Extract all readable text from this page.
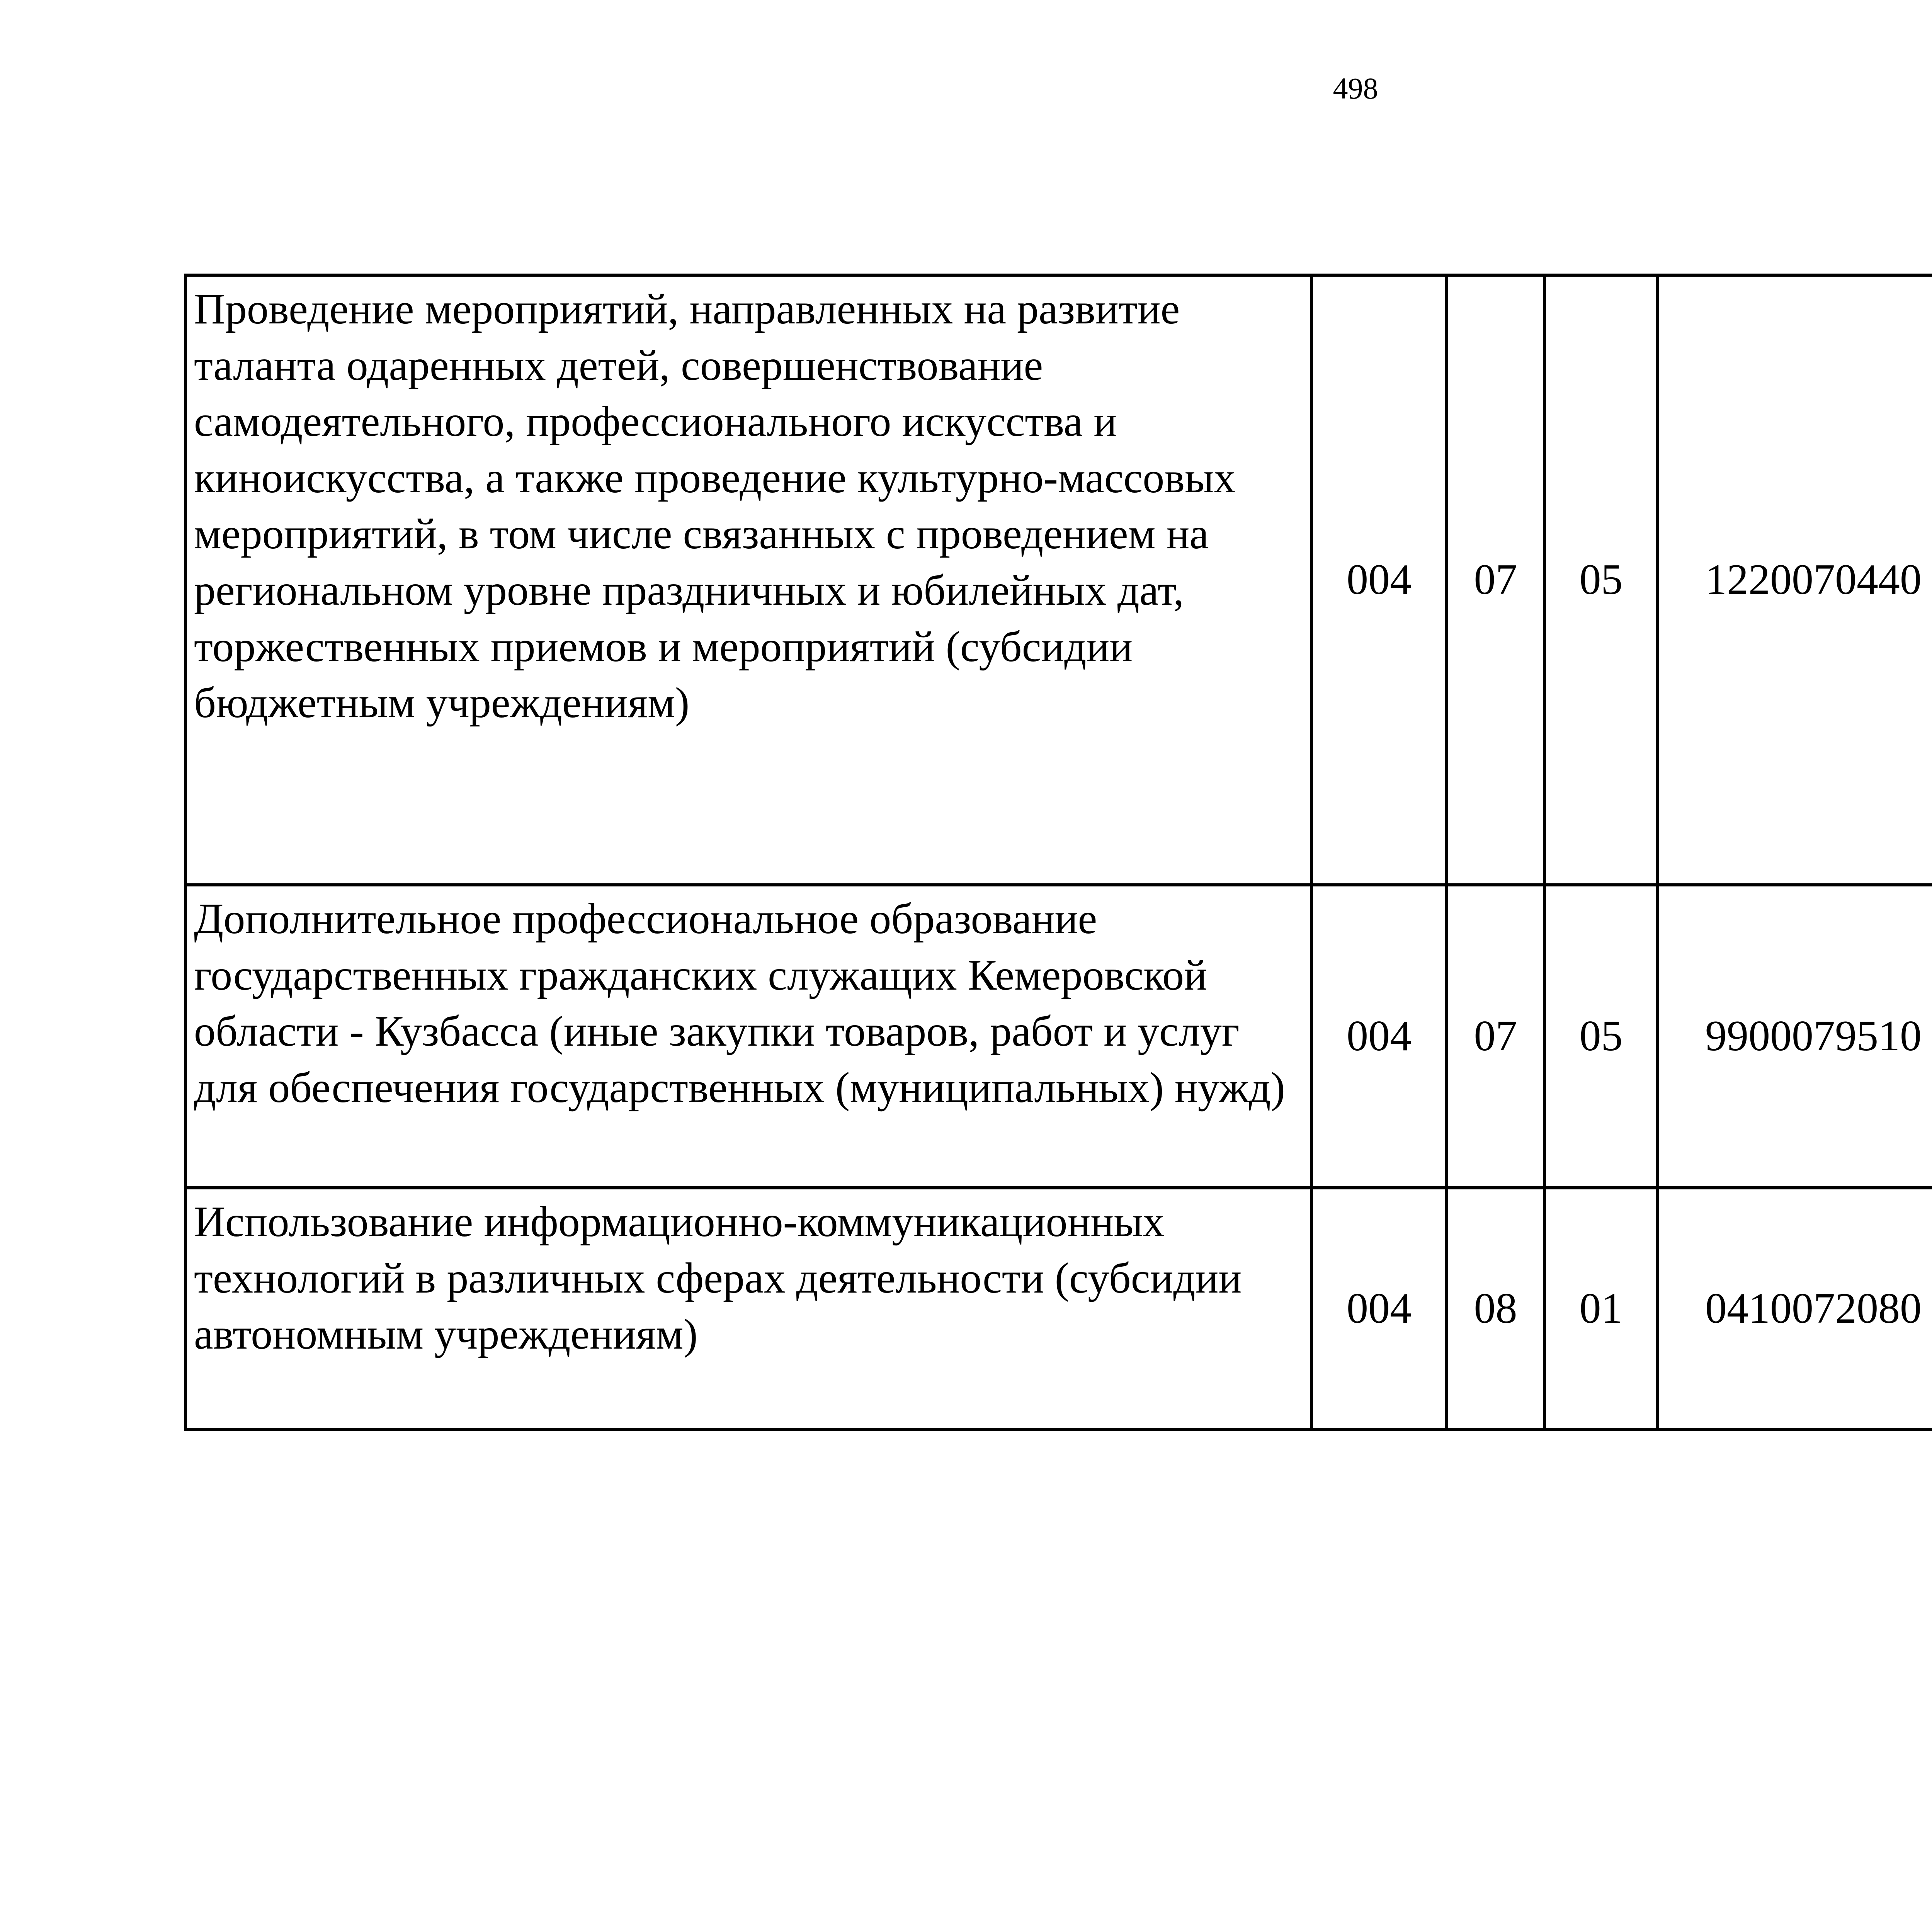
498
Проведение мероприятий, направленных на развитие таланта одаренных детей, совершенствование самодеятельного, профессионального искусства и киноискусства, а также проведение культурно-массовых мероприятий, в том числе связанных с проведением на региональном уровне праздничных и юбилейных дат, торжественных приемов и мероприятий (субсидии бюджетным учреждениям)	004	07	05	1220070440		
Дополнительное профессиональное образование государственных гражданских служащих Кемеровской области - Кузбасса (иные закупки товаров, работ и услуг для обеспечения государственных (муниципальных) нужд)	004	07	05	9900079510		
Использование информационно-коммуникационных технологий в различных сферах деятельности (субсидии автономным учреждениям)	004	08	01	0410072080		
